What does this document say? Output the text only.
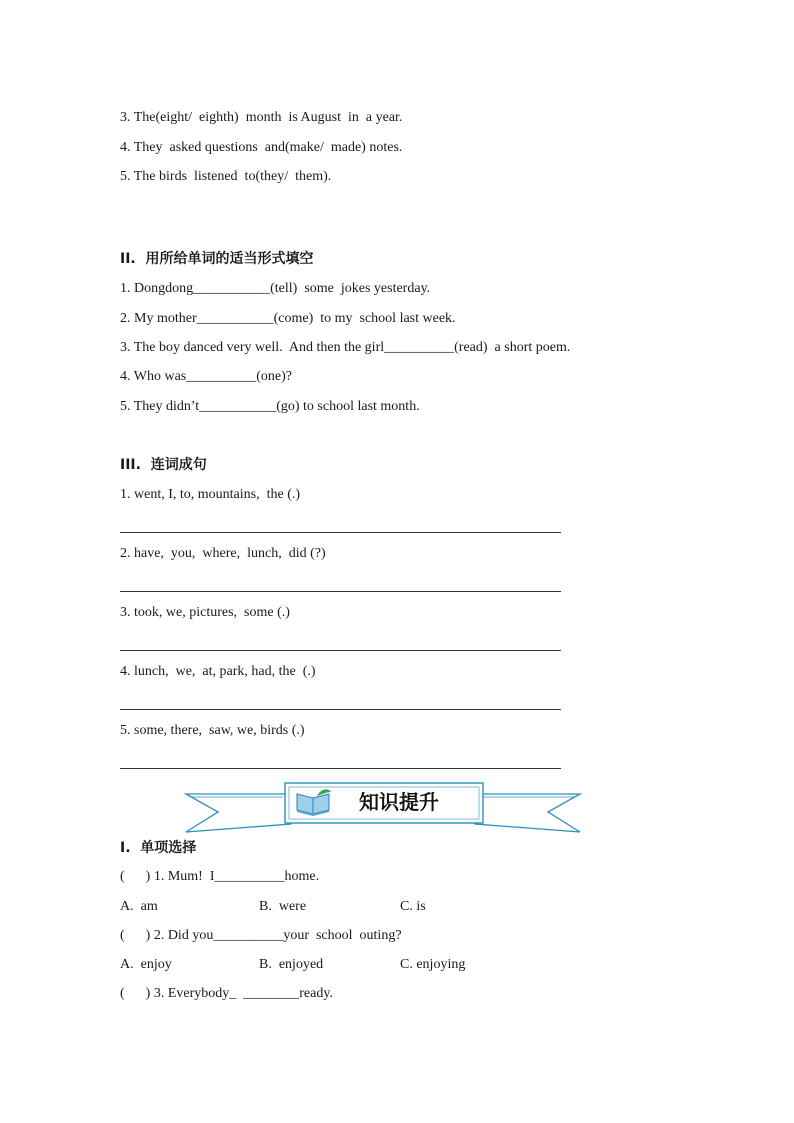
3. The(eight/  eighth)  month  is August  in  a year.
4. They  asked questions  and(make/  made) notes.
5. The birds  listened  to(they/  them).
II.  用所给单词的适当形式填空
1. Dongdong___________(tell)  some  jokes yesterday.
2. My mother___________(come)  to my  school last week.
3. The boy danced very well.  And then the girl__________(read)  a short poem.
4. Who was__________(one)?
5. They didn’t___________(go) to school last month.
III.  连词成句
1. went, I, to, mountains,  the (.)
2. have,  you,  where,  lunch,  did (?)
3. took, we, pictures,  some (.)
4. lunch,  we,  at, park, had, the  (.)
5. some, there,  saw, we, birds (.)
知识提升
I.  单项选择
(      ) 1. Mum!  I__________home.
A.  am	B.  were	C. is
(      ) 2. Did you__________your  school  outing?
A.  enjoy	B.  enjoyed	C. enjoying
(      ) 3. Everybody_  ________ready.
